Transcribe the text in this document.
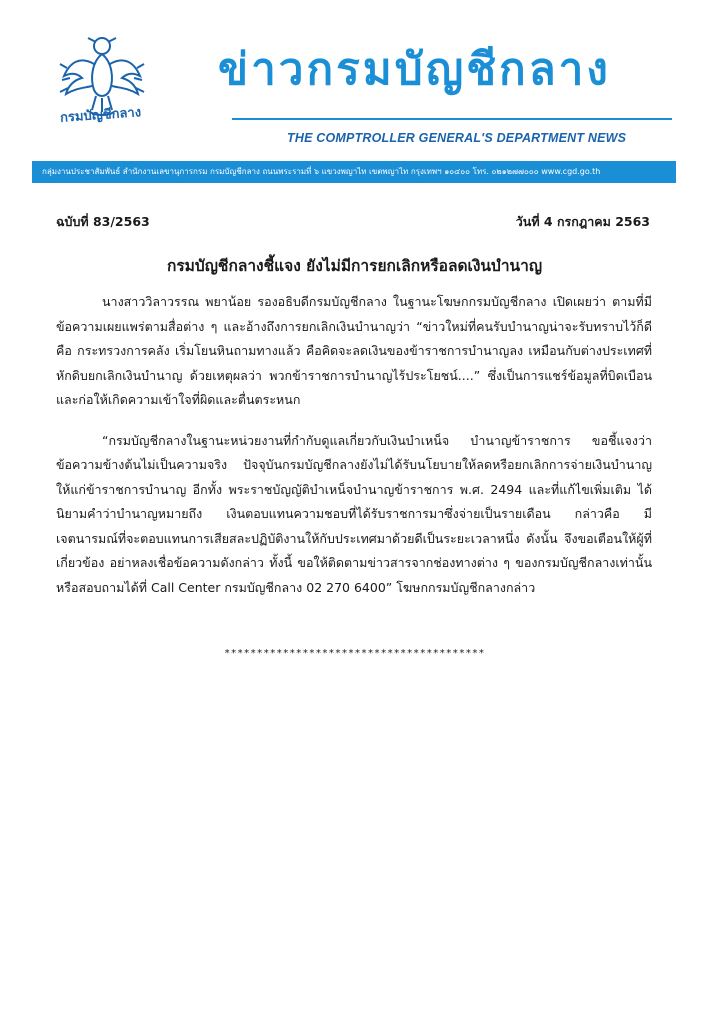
กรมบัญชีกลาง
ข่าวกรมบัญชีกลาง
THE COMPTROLLER GENERAL'S DEPARTMENT NEWS
กลุ่มงานประชาสัมพันธ์ สำนักงานเลขานุการกรม กรมบัญชีกลาง ถนนพระรามที่ ๖ แขวงพญาไท เขตพญาไท กรุงเทพฯ ๑๐๔๐๐ โทร. ๐๒๑๒๗๗๐๐๐ www.cgd.go.th
ฉบับที่ 83/2563	วันที่ 4 กรกฎาคม 2563
กรมบัญชีกลางชี้แจง ยังไม่มีการยกเลิกหรือลดเงินบำนาญ

นางสาววิลาวรรณ พยาน้อย รองอธิบดีกรมบัญชีกลาง ในฐานะโฆษกกรมบัญชีกลาง เปิดเผยว่า ตามที่มีข้อความเผยแพร่ตามสื่อต่าง ๆ และอ้างถึงการยกเลิกเงินบำนาญว่า “ข่าวใหม่ที่คนรับบำนาญน่าจะรับทราบไว้ก็ดี คือ กระทรวงการคลัง เริ่มโยนหินถามทางแล้ว คือคิดจะลดเงินของข้าราชการบำนาญลง เหมือนกับต่างประเทศที่หักดิบยกเลิกเงินบำนาญ ด้วยเหตุผลว่า พวกข้าราชการบำนาญไร้ประโยชน์....” ซึ่งเป็นการแชร์ข้อมูลที่บิดเบือนและก่อให้เกิดความเข้าใจที่ผิดและตื่นตระหนก

“กรมบัญชีกลางในฐานะหน่วยงานที่กำกับดูแลเกี่ยวกับเงินบำเหน็จ บำนาญข้าราชการ ขอชี้แจงว่า ข้อความข้างต้นไม่เป็นความจริง ปัจจุบันกรมบัญชีกลางยังไม่ได้รับนโยบายให้ลดหรือยกเลิกการจ่ายเงินบำนาญให้แก่ข้าราชการบำนาญ อีกทั้ง พระราชบัญญัติบำเหน็จบำนาญข้าราชการ พ.ศ. 2494 และที่แก้ไขเพิ่มเติม ได้นิยามคำว่าบำนาญหมายถึง เงินตอบแทนความชอบที่ได้รับราชการมาซึ่งจ่ายเป็นรายเดือน กล่าวคือ มีเจตนารมณ์ที่จะตอบแทนการเสียสละปฏิบัติงานให้กับประเทศมาด้วยดีเป็นระยะเวลาหนึ่ง ดังนั้น จึงขอเตือนให้ผู้ที่เกี่ยวข้อง อย่าหลงเชื่อข้อความดังกล่าว ทั้งนี้ ขอให้ติดตามข่าวสารจากช่องทางต่าง ๆ ของกรมบัญชีกลางเท่านั้น หรือสอบถามได้ที่ Call Center กรมบัญชีกลาง 02 270 6400” โฆษกกรมบัญชีกลางกล่าว

****************************************
